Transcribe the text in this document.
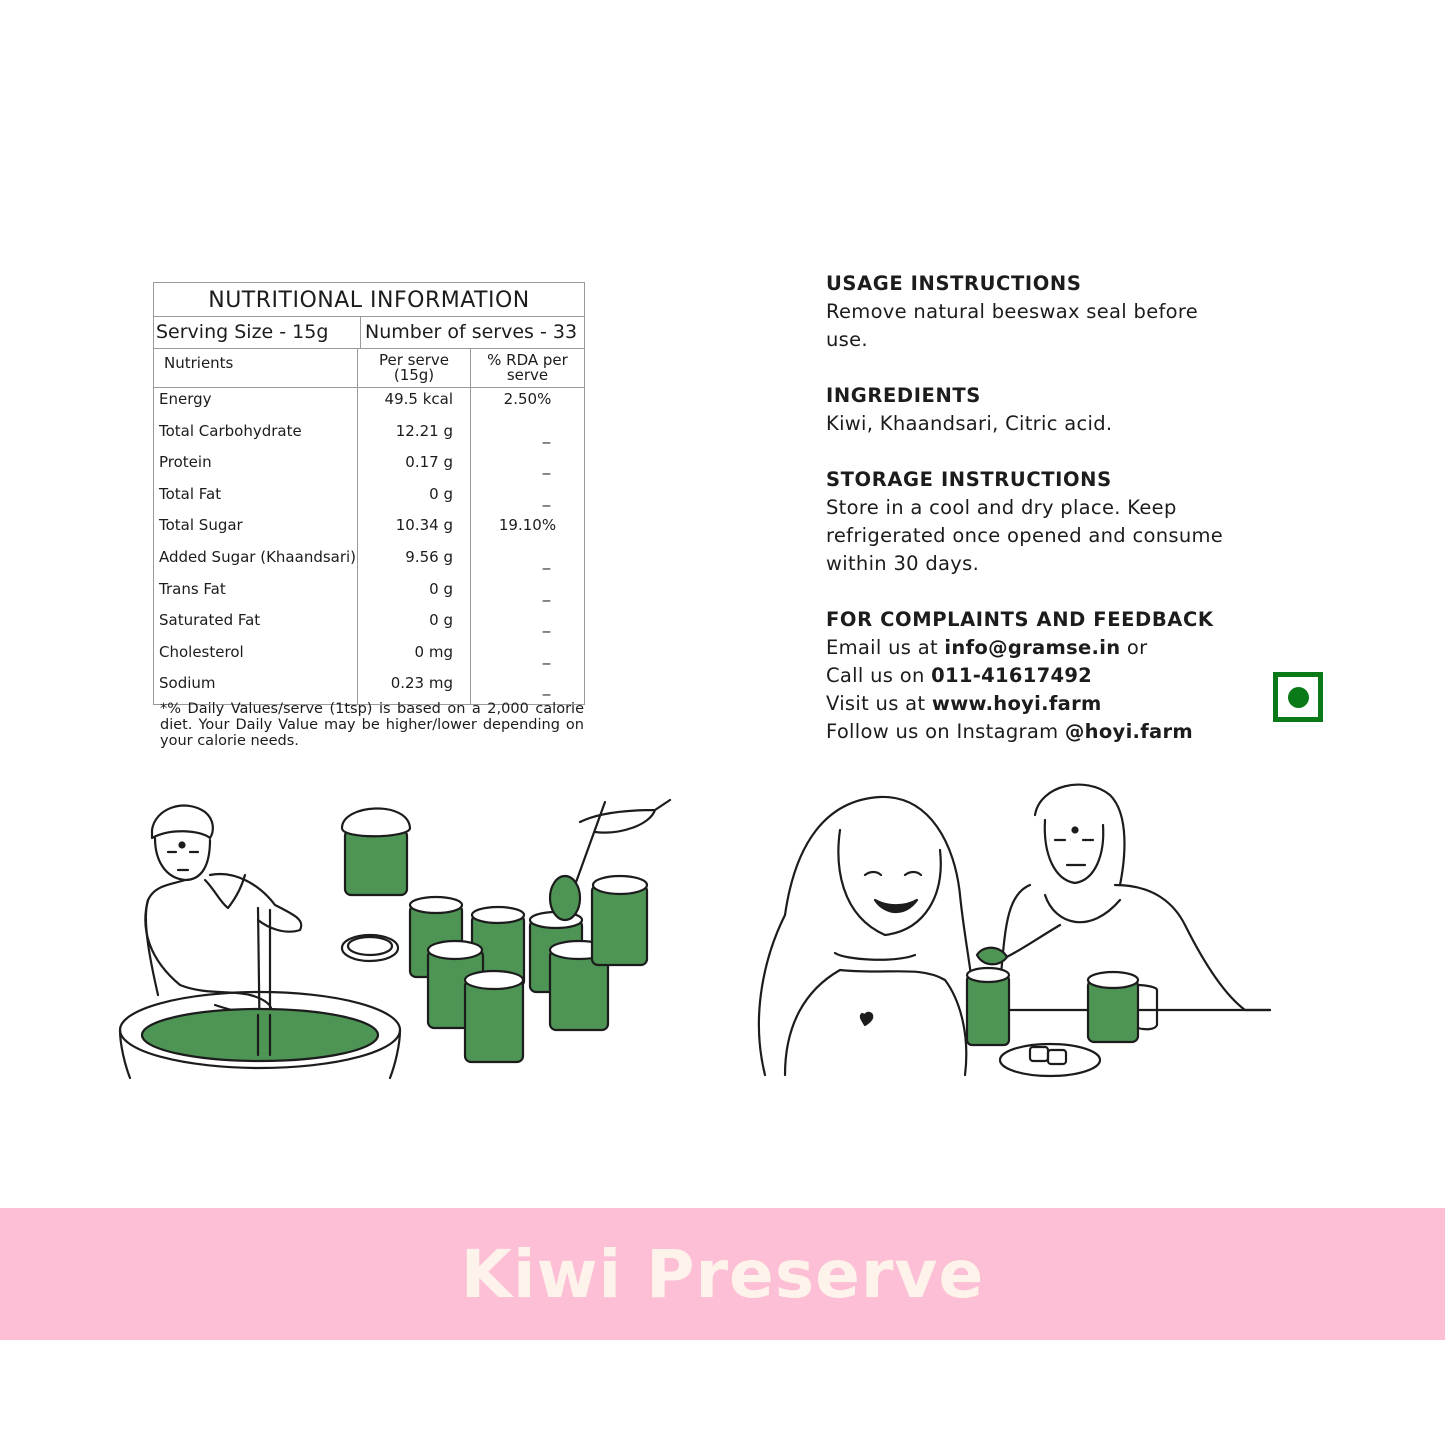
NUTRITIONAL INFORMATION
Serving Size - 15g	Number of serves - 33
Nutrients	Per serve
(15g)
% RDA per
serve
Energy	49.5 kcal	2.50%
Total Carbohydrate	12.21 g	_
Protein	0.17 g	_
Total Fat	0 g	_
Total Sugar	10.34 g	19.10%
Added Sugar (Khaandsari)	9.56 g	_
Trans Fat	0 g	_
Saturated Fat	0 g	_
Cholesterol	0 mg	_
Sodium	0.23 mg	_
*% Daily Values/serve (1tsp) is based on a 2,000 calorie diet. Your Daily Value may be higher/lower depending on your calorie needs.
USAGE INSTRUCTIONS

Remove natural beeswax seal before use.

INGREDIENTS

Kiwi, Khaandsari, Citric acid.

STORAGE INSTRUCTIONS

Store in a cool and dry place. Keep refrigerated once opened and consume within 30 days.

FOR COMPLAINTS AND FEEDBACK
Email us at info@gramse.in or
Call us on 011-41617492
Visit us at www.hoyi.farm
Follow us on Instagram @hoyi.farm
Kiwi Preserve
